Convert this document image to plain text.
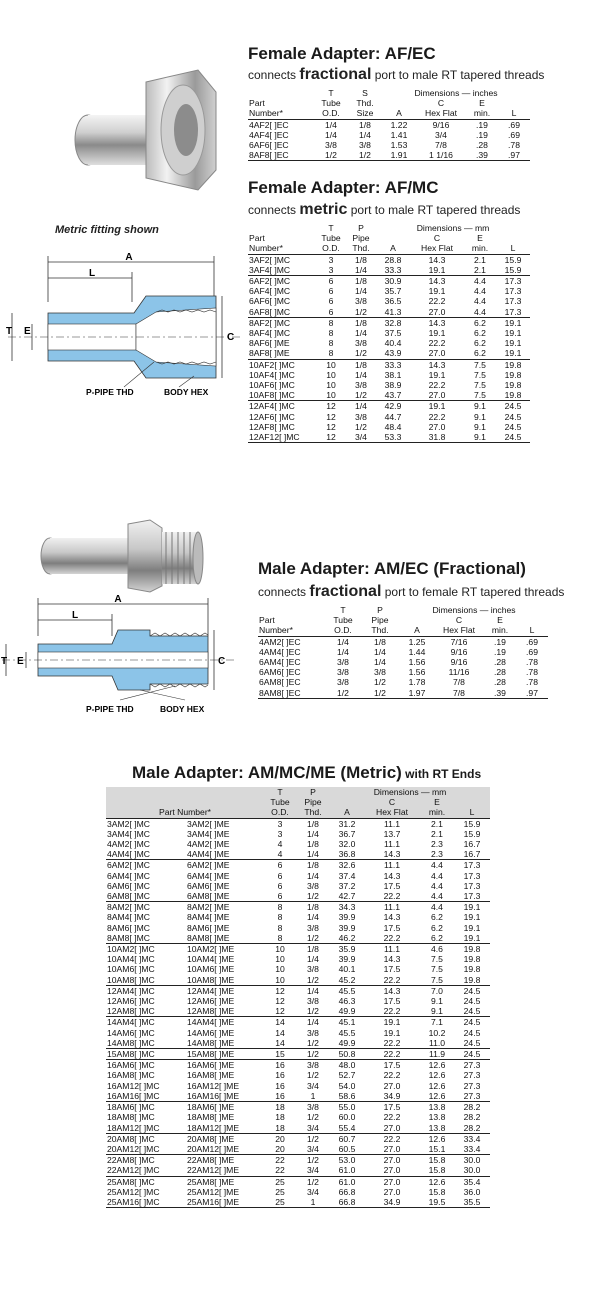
Metric fitting shown
A
L
T E
C
P-PIPE THD	BODY HEX
Female Adapter: AF/EC
connects fractional port to male RT tapered threads
	T	S	Dimensions — inches			
Part	Tube	Thd.		C	E	
Number*	O.D.	Size	A	Hex Flat	min.	L
4AF2[ ]EC	1/4	1/8	1.22	9/16	.19	.69
4AF4[ ]EC	1/4	1/4	1.41	3/4	.19	.69
6AF6[ ]EC	3/8	3/8	1.53	7/8	.28	.78
8AF8[ ]EC	1/2	1/2	1.91	1 1/16	.39	.97
Female Adapter: AF/MC
connects metric port to male RT tapered threads
	T	P	Dimensions — mm			
Part	Tube	Pipe		C	E	
Number*	O.D.	Thd.	A	Hex Flat	min.	L
3AF2[ ]MC	3	1/8	28.8	14.3	2.1	15.9
3AF4[ ]MC	3	1/4	33.3	19.1	2.1	15.9
6AF2[ ]MC	6	1/8	30.9	14.3	4.4	17.3
6AF4[ ]MC	6	1/4	35.7	19.1	4.4	17.3
6AF6[ ]MC	6	3/8	36.5	22.2	4.4	17.3
6AF8[ ]MC	6	1/2	41.3	27.0	4.4	17.3
8AF2[ ]MC	8	1/8	32.8	14.3	6.2	19.1
8AF4[ ]MC	8	1/4	37.5	19.1	6.2	19.1
8AF6[ ]ME	8	3/8	40.4	22.2	6.2	19.1
8AF8[ ]ME	8	1/2	43.9	27.0	6.2	19.1
10AF2[ ]MC	10	1/8	33.3	14.3	7.5	19.8
10AF4[ ]MC	10	1/4	38.1	19.1	7.5	19.8
10AF6[ ]MC	10	3/8	38.9	22.2	7.5	19.8
10AF8[ ]MC	10	1/2	43.7	27.0	7.5	19.8
12AF4[ ]MC	12	1/4	42.9	19.1	9.1	24.5
12AF6[ ]MC	12	3/8	44.7	22.2	9.1	24.5
12AF8[ ]MC	12	1/2	48.4	27.0	9.1	24.5
12AF12[ ]MC	12	3/4	53.3	31.8	9.1	24.5
A
L
T E	C
P-PIPE THD	BODY HEX
Male Adapter: AM/EC (Fractional)
connects fractional port to female RT tapered threads
	T	P	Dimensions — inches			
Part	Tube	Pipe		C	E	
Number*	O.D.	Thd.	A	Hex Flat	min.	L
4AM2[ ]EC	1/4	1/8	1.25	7/16	.19	.69
4AM4[ ]EC	1/4	1/4	1.44	9/16	.19	.69
6AM4[ ]EC	3/8	1/4	1.56	9/16	.28	.78
6AM6[ ]EC	3/8	3/8	1.56	11/16	.28	.78
6AM8[ ]EC	3/8	1/2	1.78	7/8	.28	.78
8AM8[ ]EC	1/2	1/2	1.97	7/8	.39	.97
Male Adapter: AM/MC/ME (Metric) with RT Ends
		T	P	Dimensions — mm			
		Tube	Pipe		C	E	
Part Number*		O.D.	Thd.	A	Hex Flat	min.	L
3AM2[ ]MC	3AM2[ ]ME	3	1/8	31.2	11.1	2.1	15.9
3AM4[ ]MC	3AM4[ ]ME	3	1/4	36.7	13.7	2.1	15.9
4AM2[ ]MC	4AM2[ ]ME	4	1/8	32.0	11.1	2.3	16.7
4AM4[ ]MC	4AM4[ ]ME	4	1/4	36.8	14.3	2.3	16.7
6AM2[ ]MC	6AM2[ ]ME	6	1/8	32.6	11.1	4.4	17.3
6AM4[ ]MC	6AM4[ ]ME	6	1/4	37.4	14.3	4.4	17.3
6AM6[ ]MC	6AM6[ ]ME	6	3/8	37.2	17.5	4.4	17.3
6AM8[ ]MC	6AM8[ ]ME	6	1/2	42.7	22.2	4.4	17.3
8AM2[ ]MC	8AM2[ ]ME	8	1/8	34.3	11.1	4.4	19.1
8AM4[ ]MC	8AM4[ ]ME	8	1/4	39.9	14.3	6.2	19.1
8AM6[ ]MC	8AM6[ ]ME	8	3/8	39.9	17.5	6.2	19.1
8AM8[ ]MC	8AM8[ ]ME	8	1/2	46.2	22.2	6.2	19.1
10AM2[ ]MC	10AM2[ ]ME	10	1/8	35.9	11.1	4.6	19.8
10AM4[ ]MC	10AM4[ ]ME	10	1/4	39.9	14.3	7.5	19.8
10AM6[ ]MC	10AM6[ ]ME	10	3/8	40.1	17.5	7.5	19.8
10AM8[ ]MC	10AM8[ ]ME	10	1/2	45.2	22.2	7.5	19.8
12AM4[ ]MC	12AM4[ ]ME	12	1/4	45.5	14.3	7.0	24.5
12AM6[ ]MC	12AM6[ ]ME	12	3/8	46.3	17.5	9.1	24.5
12AM8[ ]MC	12AM8[ ]ME	12	1/2	49.9	22.2	9.1	24.5
14AM4[ ]MC	14AM4[ ]ME	14	1/4	45.1	19.1	7.1	24.5
14AM6[ ]MC	14AM6[ ]ME	14	3/8	45.5	19.1	10.2	24.5
14AM8[ ]MC	14AM8[ ]ME	14	1/2	49.9	22.2	11.0	24.5
15AM8[ ]MC	15AM8[ ]ME	15	1/2	50.8	22.2	11.9	24.5
16AM6[ ]MC	16AM6[ ]ME	16	3/8	48.0	17.5	12.6	27.3
16AM8[ ]MC	16AM8[ ]ME	16	1/2	52.7	22.2	12.6	27.3
16AM12[ ]MC	16AM12[ ]ME	16	3/4	54.0	27.0	12.6	27.3
16AM16[ ]MC	16AM16[ ]ME	16	1	58.6	34.9	12.6	27.3
18AM6[ ]MC	18AM6[ ]ME	18	3/8	55.0	17.5	13.8	28.2
18AM8[ ]MC	18AM8[ ]ME	18	1/2	60.0	22.2	13.8	28.2
18AM12[ ]MC	18AM12[ ]ME	18	3/4	55.4	27.0	13.8	28.2
20AM8[ ]MC	20AM8[ ]ME	20	1/2	60.7	22.2	12.6	33.4
20AM12[ ]MC	20AM12[ ]ME	20	3/4	60.5	27.0	15.1	33.4
22AM8[ ]MC	22AM8[ ]ME	22	1/2	53.0	27.0	15.8	30.0
22AM12[ ]MC	22AM12[ ]ME	22	3/4	61.0	27.0	15.8	30.0
25AM8[ ]MC	25AM8[ ]ME	25	1/2	61.0	27.0	12.6	35.4
25AM12[ ]MC	25AM12[ ]ME	25	3/4	66.8	27.0	15.8	36.0
25AM16[ ]MC	25AM16[ ]ME	25	1	66.8	34.9	19.5	35.5
